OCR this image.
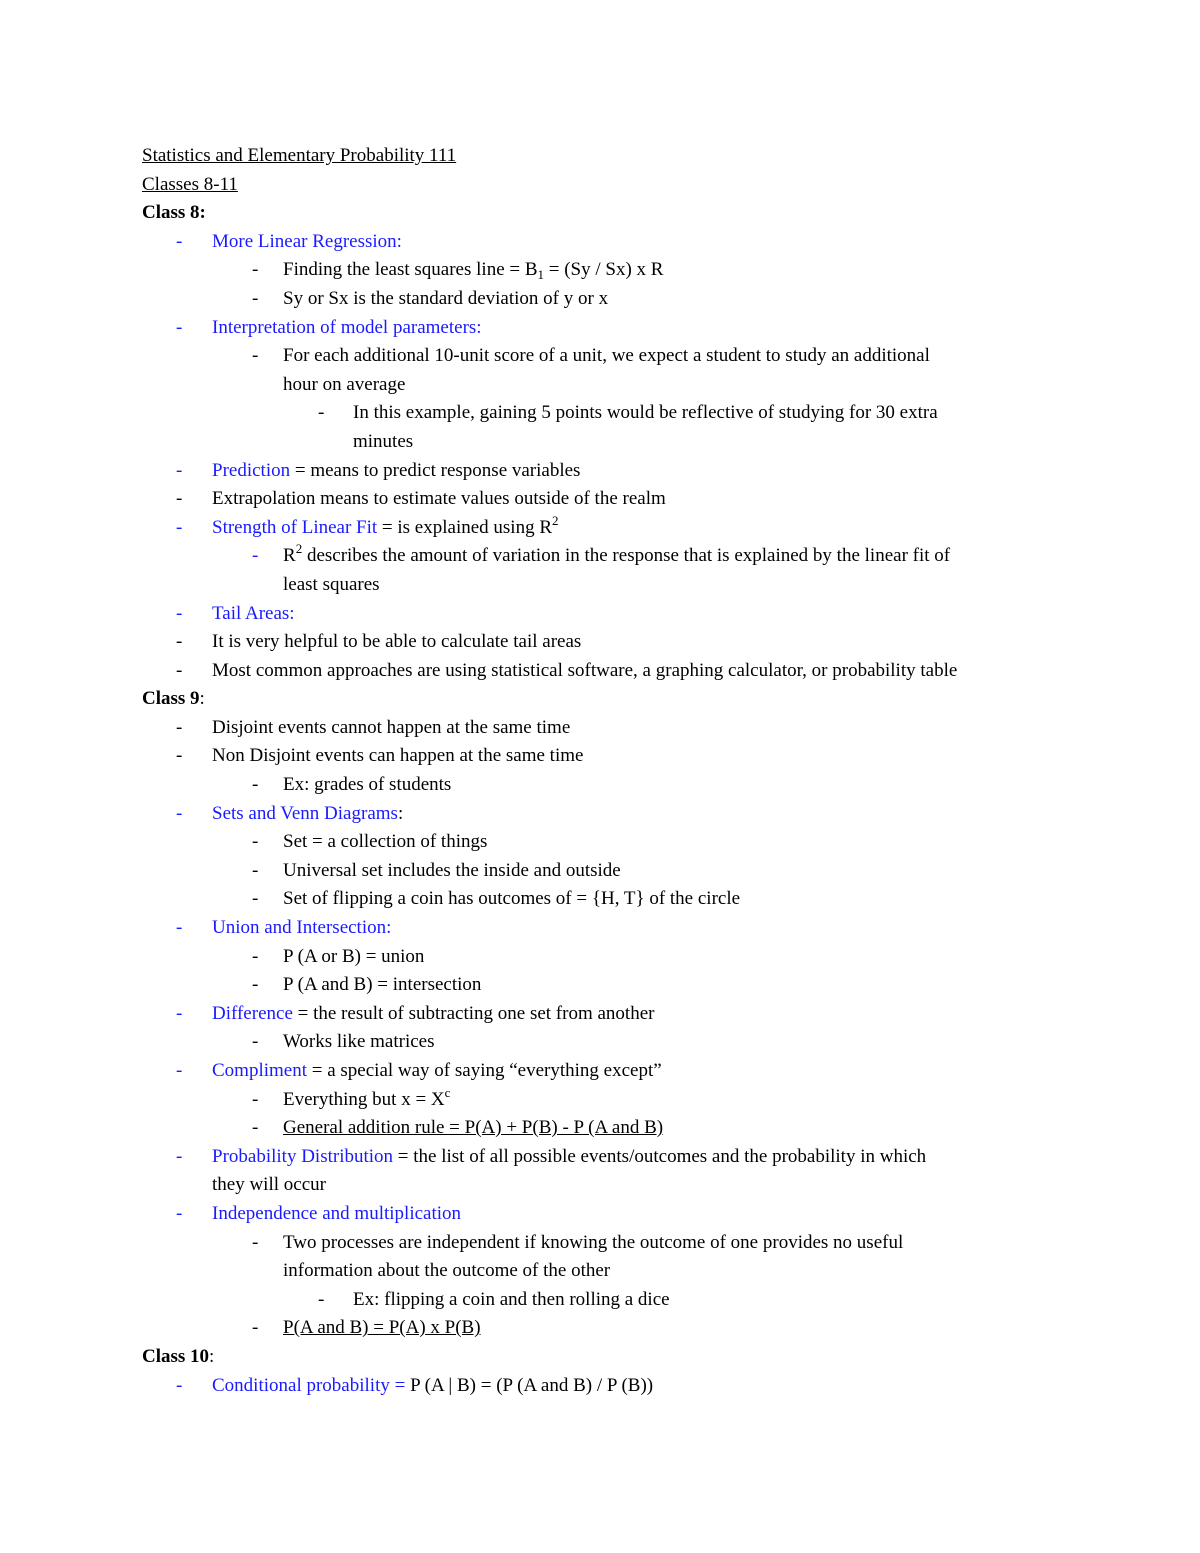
Statistics and Elementary Probability 111
Classes 8-11
Class 8:
- More Linear Regression:
- Finding the least squares line = $B_1 = (Sy / Sx)$ x R
- Sy or Sx is the standard deviation of y or x
- Interpretation of model parameters:
- For each additional 10-unit score of a unit, we expect a student to study an additional
hour on average
- In this example, gaining 5 points would be reflective of studying for 30 extra
minutes
- Prediction = means to predict response variables
- Extrapolation means to estimate values outside of the realm
- Strength of Linear Fit = is explained using $R^2$
- $R^2$ describes the amount of variation in the response that is explained by the linear fit of
least squares
- Tail Areas:
- It is very helpful to be able to calculate tail areas
- Most common approaches are using statistical software, a graphing calculator, or probability table
Class 9:
- Disjoint events cannot happen at the same time
- Non Disjoint events can happen at the same time
- Ex: grades of students
- Sets and Venn Diagrams:
- Set = a collection of things
- Universal set includes the inside and outside
- Set of flipping a coin has outcomes of = {H, T} of the circle
- Union and Intersection:
- P (A or B) = union
- P (A and B) = intersection
- Difference = the result of subtracting one set from another
- Works like matrices
- Compliment = a special way of saying “everything except”
- Everything but $x = X^c$
- General addition rule = P(A) + P(B) - P (A and B)
- Probability Distribution = the list of all possible events/outcomes and the probability in which
they will occur
- Independence and multiplication
- Two processes are independent if knowing the outcome of one provides no useful
information about the outcome of the other
- Ex: flipping a coin and then rolling a dice
- P(A and B) = P(A) x P(B)
Class 10:
- Conditional probability = P (A | B) = (P (A and B) / P (B))
